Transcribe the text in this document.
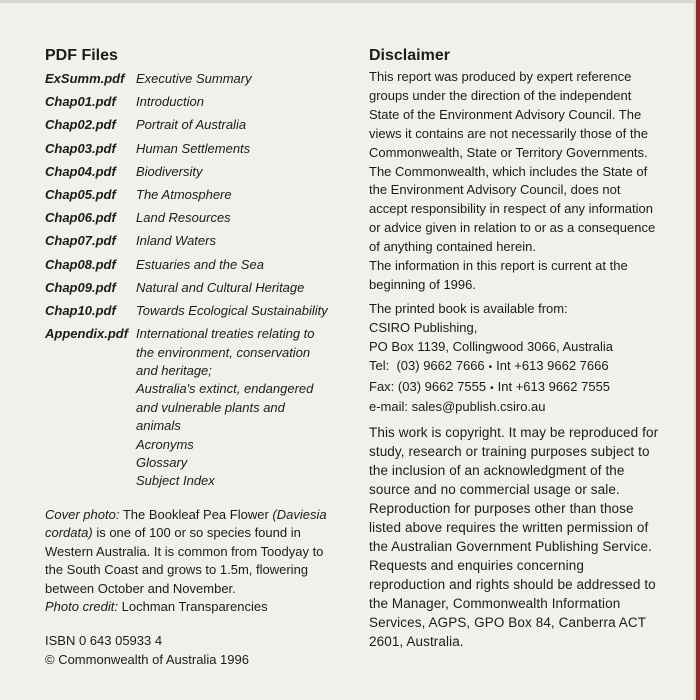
PDF Files
ExSumm.pdf Executive Summary
Chap01.pdf	Introduction
Chap02.pdf	Portrait of Australia
Chap03.pdf	Human Settlements
Chap04.pdf	Biodiversity
Chap05.pdf	The Atmosphere
Chap06.pdf	Land Resources
Chap07.pdf	Inland Waters
Chap08.pdf	Estuaries and the Sea
Chap09.pdf	Natural and Cultural Heritage
Chap10.pdf	Towards Ecological Sustainability
Appendix.pdf International treaties relating to
the environment, conservation
and heritage;
Australia's extinct, endangered
and vulnerable plants and
animals
Acronyms
Glossary
Subject Index
Cover photo: The Bookleaf Pea Flower (Daviesia cordata) is one of 100 or so species found in Western Australia. It is common from Toodyay to the South Coast and grows to 1.5m, flowering between October and November.
Photo credit: Lochman Transparencies
ISBN 0 643 05933 4
© Commonwealth of Australia 1996
Disclaimer

This report was produced by expert reference groups under the direction of the independent State of the Environment Advisory Council. The views it contains are not necessarily those of the Commonwealth, State or Territory Governments. The Commonwealth, which includes the State of the Environment Advisory Council, does not accept responsibility in respect of any information or advice given in relation to or as a consequence of anything contained herein.

The information in this report is current at the beginning of 1996.

The printed book is available from:
CSIRO Publishing,
PO Box 1139, Collingwood 3066, Australia
Tel: (03) 9662 7666 • Int +613 9662 7666
Fax: (03) 9662 7555 • Int +613 9662 7555
e-mail: sales@publish.csiro.au

This work is copyright. It may be reproduced for study, research or training purposes subject to the inclusion of an acknowledgment of the source and no commercial usage or sale. Reproduction for purposes other than those listed above requires the written permission of the Australian Government Publishing Service. Requests and enquiries concerning reproduction and rights should be addressed to the Manager, Commonwealth Information Services, AGPS, GPO Box 84, Canberra ACT 2601, Australia.
